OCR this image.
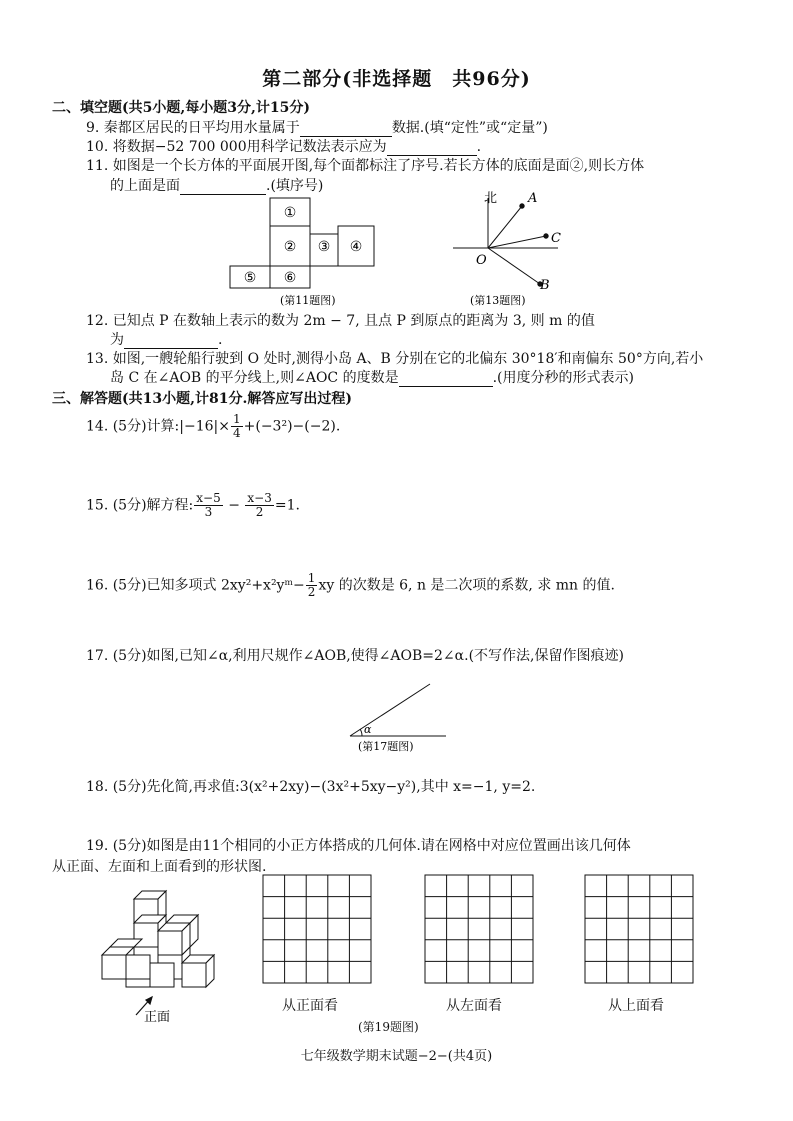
第二部分(非选择题　共96分)
二、填空题(共5小题,每小题3分,计15分)
9. 秦都区居民的日平均用水量属于	数据.(填“定性”或“定量”)
10. 将数据−52 700 000用科学记数法表示应为	.
11. 如图是一个长方体的平面展开图,每个面都标注了序号.若长方体的底面是面②,则长方体
的上面是面	.(填序号)
①
② ③ ④
⑤ ⑥
(第11题图)
北 A
C
O
B
(第13题图)
12. 已知点 P 在数轴上表示的数为 2m − 7, 且点 P 到原点的距离为 3, 则 m 的值
为	.
13. 如图,一艘轮船行驶到 O 处时,测得小岛 A、B 分别在它的北偏东 30°18′和南偏东 50°方向,若小
岛 C 在∠AOB 的平分线上,则∠AOC 的度数是	.(用度分秒的形式表示)
三、解答题(共13小题,计81分.解答应写出过程)
14. (5分)计算:|−16|× $\frac{1}{4} +(-3^2)-(-2)$.
15. (5分)解方程: $\frac{x-5}{3} - \frac{x-3}{2} =1$.
16. (5分)已知多项式 2xy²+x²yᵐ− $\frac{1}{2}$ xy 的次数是 6, n 是二次项的系数, 求 mn 的值.
17. (5分)如图,已知∠α,利用尺规作∠AOB,使得∠AOB=2∠α.(不写作法,保留作图痕迹)
α
(第17题图)
18. (5分)先化简,再求值:3(x²+2xy)−(3x²+5xy−y²),其中 x=−1, y=2.
19. (5分)如图是由11个相同的小正方体搭成的几何体.请在网格中对应位置画出该几何体
从正面、左面和上面看到的形状图.
正面
从正面看	从左面看	从上面看
(第19题图)
七年级数学期末试题−2−(共4页)
